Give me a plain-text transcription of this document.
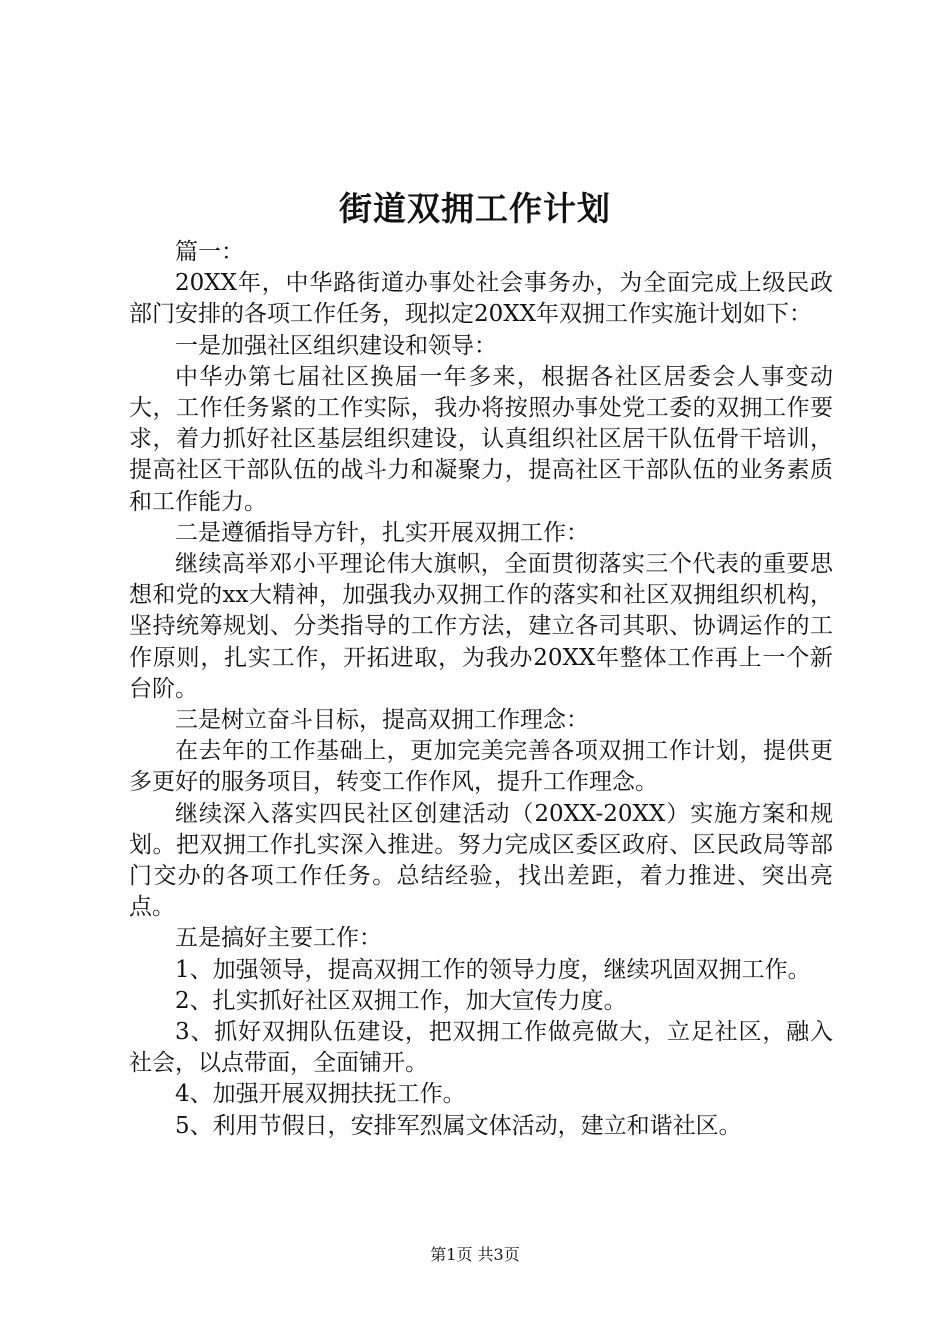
街道双拥工作计划

篇一：

20XX年，中华路街道办事处社会事务办，为全面完成上级民政部门安排的各项工作任务，现拟定20XX年双拥工作实施计划如下：

一是加强社区组织建设和领导：

中华办第七届社区换届一年多来，根据各社区居委会人事变动大，工作任务紧的工作实际，我办将按照办事处党工委的双拥工作要求，着力抓好社区基层组织建设，认真组织社区居干队伍骨干培训，提高社区干部队伍的战斗力和凝聚力，提高社区干部队伍的业务素质和工作能力。

二是遵循指导方针，扎实开展双拥工作：

继续高举邓小平理论伟大旗帜，全面贯彻落实三个代表的重要思想和党的xx大精神，加强我办双拥工作的落实和社区双拥组织机构，坚持统筹规划、分类指导的工作方法，建立各司其职、协调运作的工作原则，扎实工作，开拓进取，为我办20XX年整体工作再上一个新台阶。

三是树立奋斗目标，提高双拥工作理念：

在去年的工作基础上，更加完美完善各项双拥工作计划，提供更多更好的服务项目，转变工作作风，提升工作理念。

继续深入落实四民社区创建活动（20XX-20XX）实施方案和规划。把双拥工作扎实深入推进。努力完成区委区政府、区民政局等部门交办的各项工作任务。总结经验，找出差距，着力推进、突出亮点。

五是搞好主要工作：

1、加强领导，提高双拥工作的领导力度，继续巩固双拥工作。

2、扎实抓好社区双拥工作，加大宣传力度。

3、抓好双拥队伍建设，把双拥工作做亮做大，立足社区，融入社会，以点带面，全面铺开。

4、加强开展双拥扶抚工作。

5、利用节假日，安排军烈属文体活动，建立和谐社区。

第1页 共3页
